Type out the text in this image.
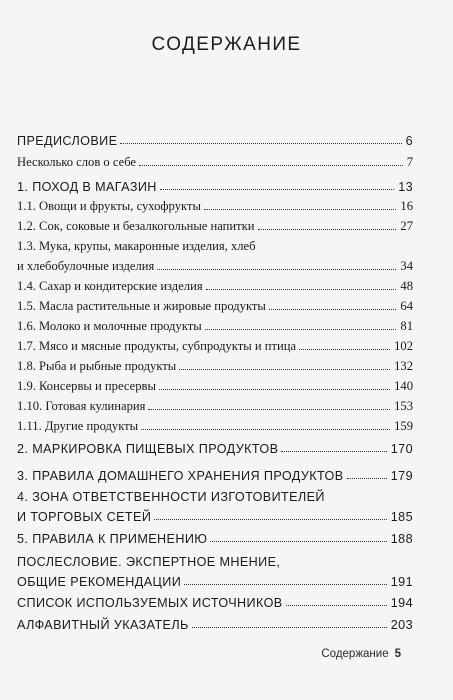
СОДЕРЖАНИЕ
ПРЕДИСЛОВИЕ	6
Несколько слов о себе	7
1. ПОХОД В МАГАЗИН	13
1.1. Овощи и фрукты, сухофрукты	16
1.2. Сок, соковые и безалкогольные напитки	27
1.3. Мука, крупы, макаронные изделия, хлеб
и хлебобулочные изделия	34
1.4. Сахар и кондитерские изделия	48
1.5. Масла растительные и жировые продукты	64
1.6. Молоко и молочные продукты	81
1.7. Мясо и мясные продукты, субпродукты и птица	102
1.8. Рыба и рыбные продукты	132
1.9. Консервы и пресервы	140
1.10. Готовая кулинария	153
1.11. Другие продукты	159
2. МАРКИРОВКА ПИЩЕВЫХ ПРОДУКТОВ	170
3. ПРАВИЛА ДОМАШНЕГО ХРАНЕНИЯ ПРОДУКТОВ	179
4. ЗОНА ОТВЕТСТВЕННОСТИ ИЗГОТОВИТЕЛЕЙ
И ТОРГОВЫХ СЕТЕЙ	185
5. ПРАВИЛА К ПРИМЕНЕНИЮ	188
ПОСЛЕСЛОВИЕ. ЭКСПЕРТНОЕ МНЕНИЕ,
ОБЩИЕ РЕКОМЕНДАЦИИ	191
СПИСОК ИСПОЛЬЗУЕМЫХ ИСТОЧНИКОВ	194
АЛФАВИТНЫЙ УКАЗАТЕЛЬ	203
Содержание 5
